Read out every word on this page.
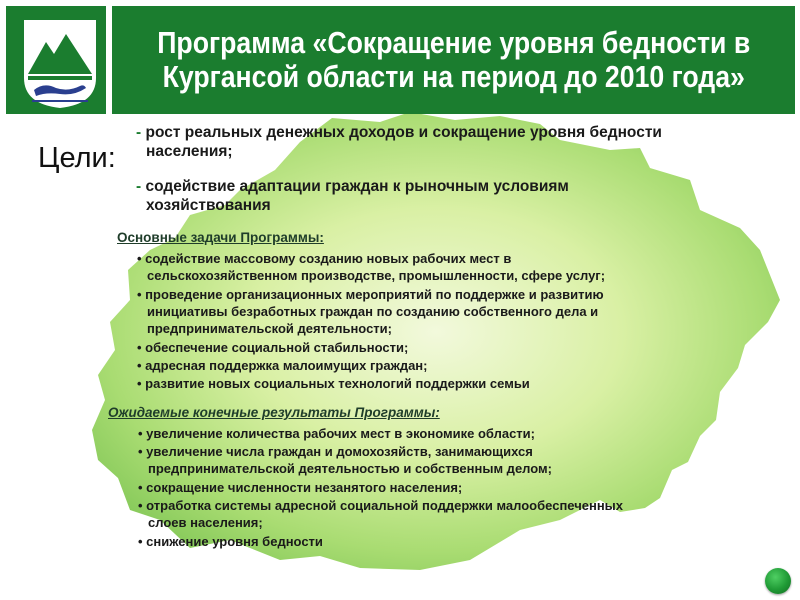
Программа «Сокращение уровня бедности в
Кургансой области на период до 2010 года»
Цели:
- рост реальных денежных доходов и сокращение уровня бедности
населения;
- содействие адаптации граждан к рыночным условиям
хозяйствования
Основные задачи Программы:
• содействие массовому созданию новых рабочих мест в
сельскохозяйственном производстве, промышленности, сфере услуг;
• проведение организационных мероприятий по поддержке и развитию
инициативы безработных граждан по созданию собственного дела и
предпринимательской деятельности;
• обеспечение социальной стабильности;
• адресная поддержка малоимущих граждан;
• развитие новых социальных технологий поддержки семьи
Ожидаемые конечные результаты Программы:
• увеличение количества рабочих мест в экономике области;
• увеличение числа граждан и домохозяйств, занимающихся
предпринимательской деятельностью и собственным делом;
• сокращение численности незанятого населения;
• отработка системы адресной социальной поддержки малообеспеченных
слоев населения;
• снижение уровня бедности
